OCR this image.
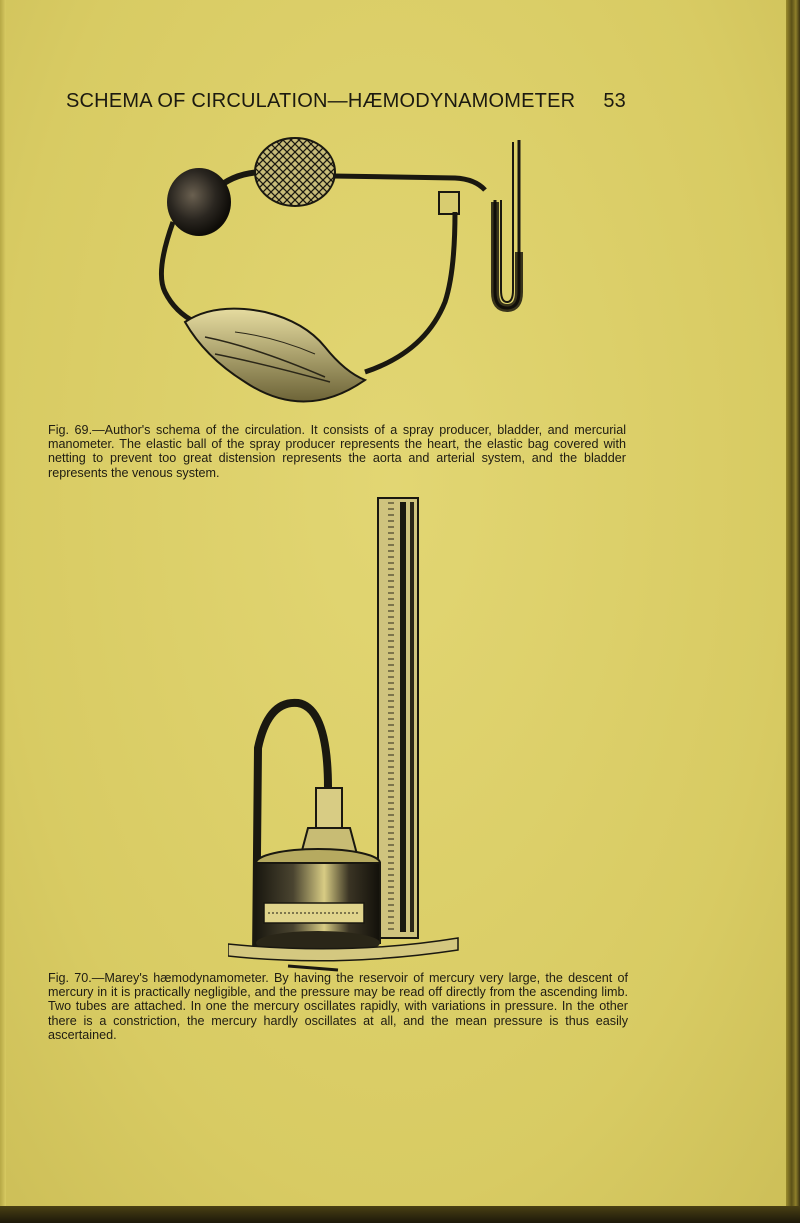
SCHEMA OF CIRCULATION—HÆMODYNAMOMETER 53
Fig. 69.—Author's schema of the circulation. It consists of a spray producer, bladder, and mercurial manometer. The elastic ball of the spray producer represents the heart, the elastic bag covered with netting to prevent too great distension represents the aorta and arterial system, and the bladder represents the venous system.
Fig. 70.—Marey's hæmodynamometer. By having the reservoir of mercury very large, the descent of mercury in it is practically negligible, and the pressure may be read off directly from the ascending limb. Two tubes are attached. In one the mercury oscillates rapidly, with variations in pressure. In the other there is a constriction, the mercury hardly oscillates at all, and the mean pressure is thus easily ascertained.
